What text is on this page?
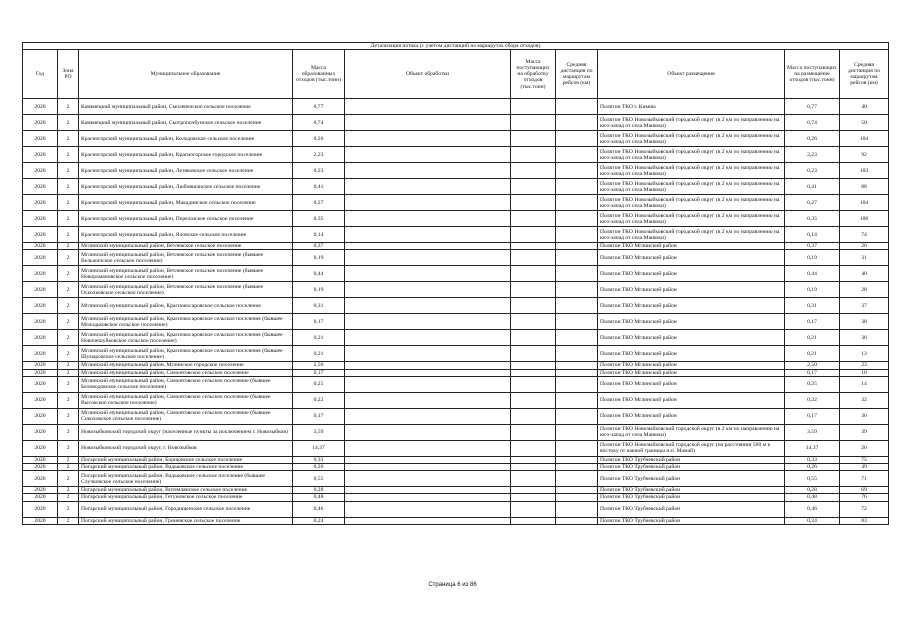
Детализация потока (с учетом дистанций на маршрутах сбора отходов)									
Год	Зона РО	Муниципальное образование	Масса образованных отходов (тыс.тонн)	Объект обработки	Масса поступающих на обработку отходов (тыс.тонн)	Средняя дистанция по маршрутам рейсов (км)	Объект размещения	Масса поступающих на размещение отходов (тыс.тонн)	Средняя дистанция по маршрутам рейсов (км)
2020	2	Каменецкий муниципальный район, Смоленечское сельское поселение	0,77				Полигон ТКО г. Кимны	0,77	40
2020	2	Каменецкий муниципальный район, Скотрополбунское сельское поселение	0,74				Полигон ТКО Новозыбковский городской округ (в 2 км по направлению на юго-запад от села Манюки)	0,74	50
2020	2	Красногорский муниципальный район, Колодовское сельское поселение	0,26				Полигон ТКО Новозыбковский городской округ (в 2 км по направлению на юго-запад от села Манюки)	0,26	104
2020	2	Красногорский муниципальный район, Красногорское городское поселение	2,23				Полигон ТКО Новозыбковский городской округ (в 2 км по направлению на юго-запад от села Манюки)	2,23	92
2020	2	Красногорский муниципальный район, Летяковское сельское поселение	0,23				Полигон ТКО Новозыбковский городской округ (в 2 км по направлению на юго-запад от села Манюки)	0,23	103
2020	2	Красногорский муниципальный район, Любовшанское сельское поселение	0,41				Полигон ТКО Новозыбковский городской округ (в 2 км по направлению на юго-запад от села Манюки)	0,41	88
2020	2	Красногорский муниципальный район, Макадинское сельское поселение	0,27				Полигон ТКО Новозыбковский городской округ (в 2 км по направлению на юго-запад от села Манюки)	0,27	104
2020	2	Красногорский муниципальный район, Перелазское сельское поселение	0,35				Полигон ТКО Новозыбковский городской округ (в 2 км по направлению на юго-запад от села Манюки)	0,35	106
2020	2	Красногорский муниципальный район, Яловское сельское поселение	0,14				Полигон ТКО Новозыбковский городской округ (в 2 км по направлению на юго-запад от села Манюки)	0,14	74
2020	2	Мглинский муниципальный район, Ветлевское сельское поселение	0,37				Полигон ТКО Мглинский район	0,37	26
2020	2	Мглинский муниципальный район, Ветлевское сельское поселение (бывшее Вельжичское сельское поселение)	0,19				Полигон ТКО Мглинский район	0,19	31
2020	2	Мглинский муниципальный район, Ветлевское сельское поселение (бывшее Новоромановское сельское поселение)	0,44				Полигон ТКО Мглинский район	0,44	40
2020	2	Мглинский муниципальный район, Ветлевское сельское поселение (бывшее Осколковское сельское поселение)	0,19				Полигон ТКО Мглинский район	0,19	28
2020	2	Мглинский муниципальный район, Краснокосаровское сельское поселение	0,31				Полигон ТКО Мглинский район	0,31	37
2020	2	Мглинский муниципальный район, Краснокосаровское сельское поселение (бывшее Молодьковское сельское поселение)	0,17				Полигон ТКО Мглинский район	0,17	38
2020	2	Мглинский муниципальный район, Краснокосаровское сельское поселение (бывшее Новочешуйковское сельское поселение)	0,21				Полигон ТКО Мглинский район	0,21	36
2020	2	Мглинский муниципальный район, Краснокосаровское сельское поселение (бывшее Шумаровское сельское поселение)	0,21				Полигон ТКО Мглинский район	0,21	13
2020	2	Мглинский муниципальный район, Мглинское городское поселение	2,50				Полигон ТКО Мглинский район	2,50	23
2020	2	Мглинский муниципальный район, Симонтовское сельское поселение	0,17				Полигон ТКО Мглинский район	0,17	18
2020	2	Мглинский муниципальный район, Симонтовское сельское поселение (бывшее Беловодовское сельское поселение)	0,25				Полигон ТКО Мглинский район	0,25	14
2020	2	Мглинский муниципальный район, Симонтовское сельское поселение (бывшее Высокское сельское поселение)	0,22				Полигон ТКО Мглинский район	0,22	32
2020	2	Мглинский муниципальный район, Симонтовское сельское поселение (бывшее Соколовское сельское поселение)	0,17				Полигон ТКО Мглинский район	0,17	36
2020	2	Новозыбковский городской округ (населенные пункты за исключением г. Новозыбков)	3,59				Полигон ТКО Новозыбковский городской округ (в 2 км по направлению на юго-запад от села Манюки)	3,59	39
2020	2	Новозыбковский городской округ, г. Новозыбков	14,37				Полигон ТКО Новозыбковский городской округ (на расстоянии 500 м к востоку от южной границы н.п. Мамай)	14,37	26
2020	2	Погарский муниципальный район, Борщовское сельское поселение	0,33				Полигон ТКО Трубчевский район	0,33	75
2020	2	Погарский муниципальный район, Вадьковское сельское поселение	0,26				Полигон ТКО Трубчевский район	0,26	49
2020	2	Погарский муниципальный район, Вадьковское сельское поселение (бывшее Случковское сельское поселение)	0,55				Полигон ТКО Трубчевский район	0,55	71
2020	2	Погарский муниципальный район, Витемлянское сельское поселение	0,28				Полигон ТКО Трубчевский район	0,28	69
2020	2	Погарский муниципальный район, Гетуновское сельское поселение	0,48				Полигон ТКО Трубчевский район	0,48	76
2020	2	Погарский муниципальный район, Городищенское сельское поселение	0,46				Полигон ТКО Трубчевский район	0,46	72
2020	2	Погарский муниципальный район, Гриневское сельское поселение	0,24				Полигон ТКО Трубчевский район	0,24	83
Страница 6 из 86
